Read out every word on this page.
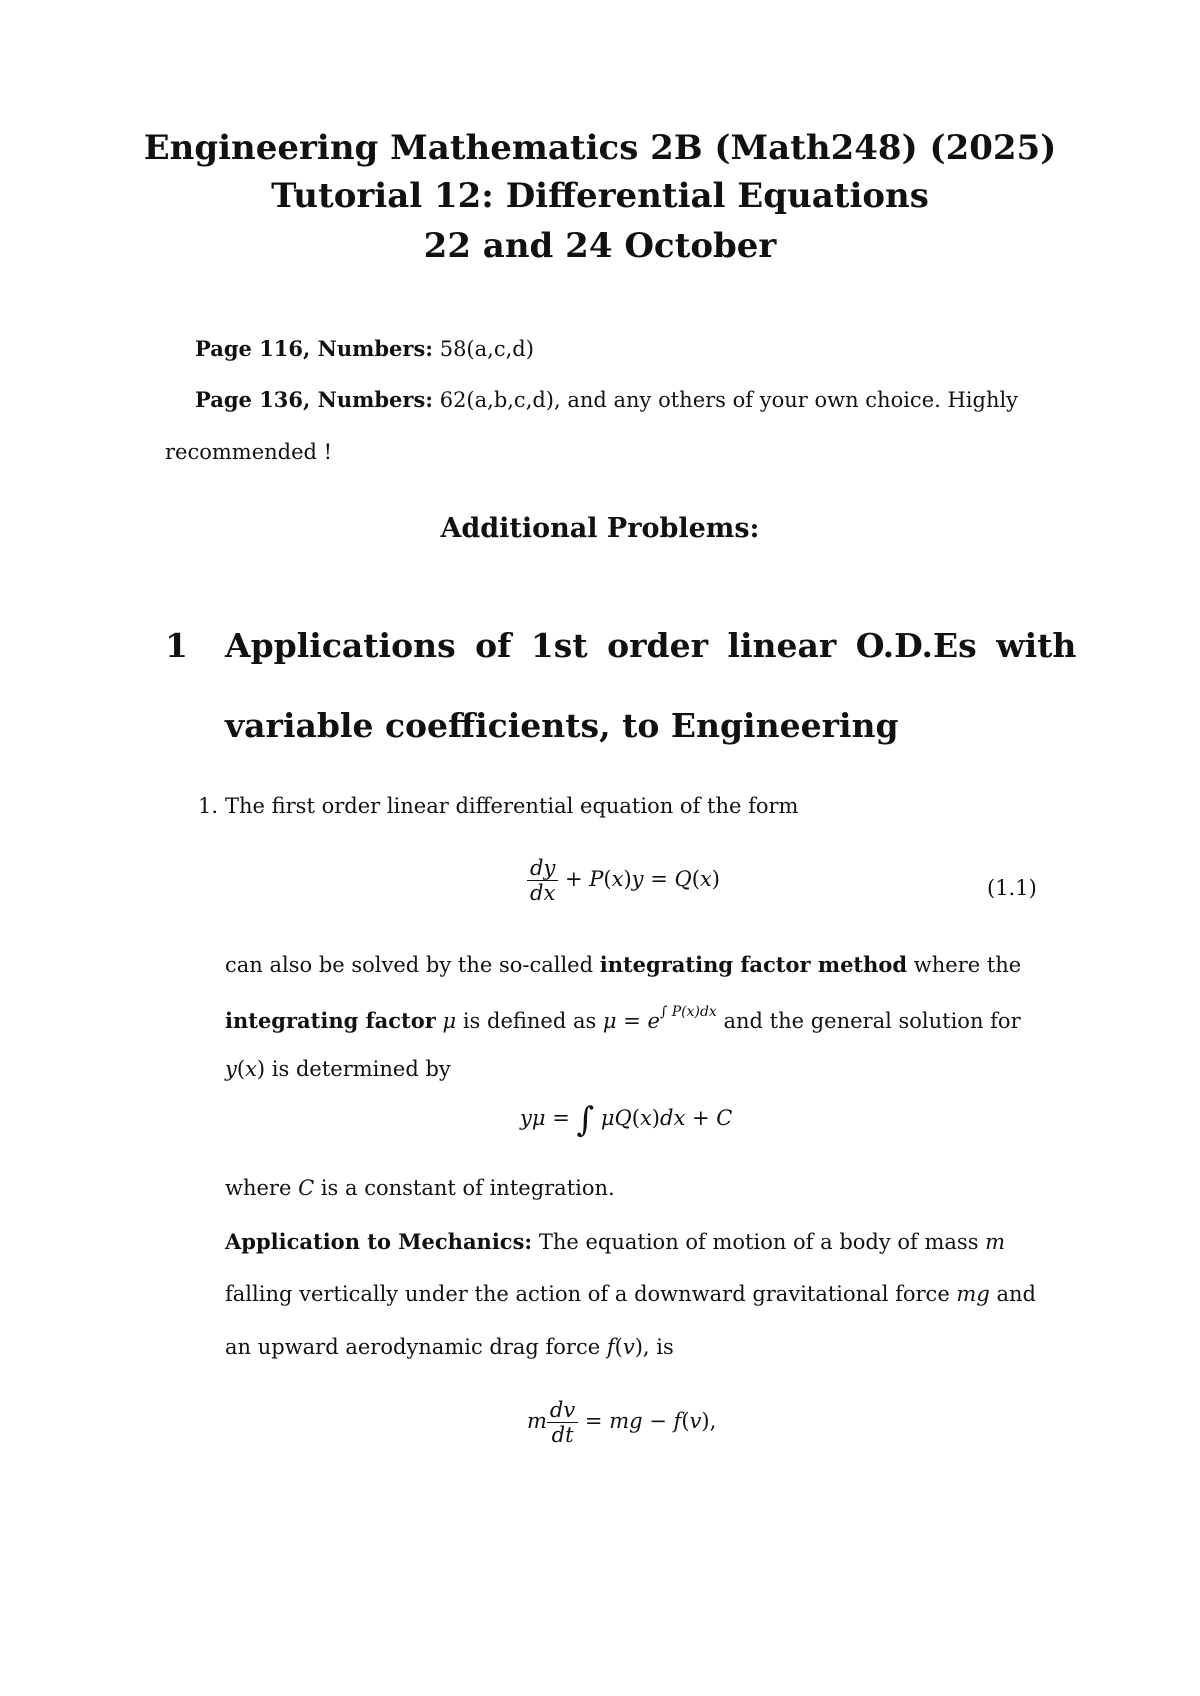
Engineering Mathematics 2B (Math248) (2025)
Tutorial 12: Differential Equations
22 and 24 October
Page 116, Numbers: 58(a,c,d)
Page 136, Numbers: 62(a,b,c,d), and any others of your own choice. Highly
recommended !
Additional Problems:
1 Applications of 1st order linear O.D.Es with
variable coefficients, to Engineering
1. The first order linear differential equation of the form
$\frac{dy}{dx} + P(x)y = Q(x)$	(1.1)
can also be solved by the so-called integrating factor method where the
integrating factor μ is defined as $\mu = e^{\int P(x)dx}$ and the general solution for
y(x) is determined by
yμ = ∫ μQ(x)dx + C
where C is a constant of integration.
Application to Mechanics: The equation of motion of a body of mass m
falling vertically under the action of a downward gravitational force mg and
an upward aerodynamic drag force f(v), is
m $\frac{dv}{dt}$ = mg − f(v),
